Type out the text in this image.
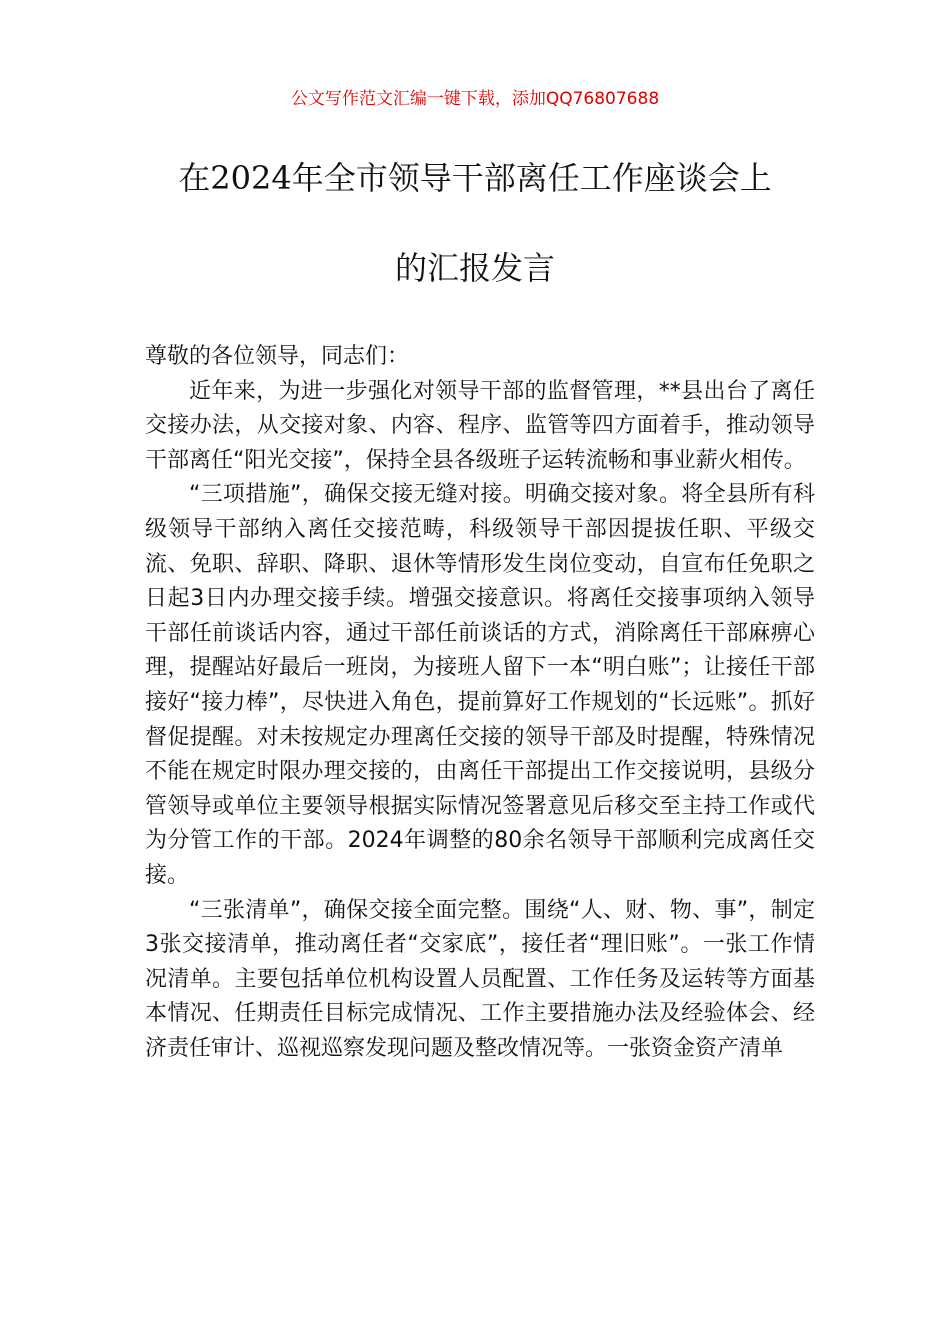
公文写作范文汇编一键下载，添加QQ76807688
在2024年全市领导干部离任工作座谈会上
的汇报发言

尊敬的各位领导，同志们：

近年来，为进一步强化对领导干部的监督管理，**县出台了离任交接办法，从交接对象、内容、程序、监管等四方面着手，推动领导干部离任“阳光交接”，保持全县各级班子运转流畅和事业薪火相传。

“三项措施”，确保交接无缝对接。明确交接对象。将全县所有科级领导干部纳入离任交接范畴，科级领导干部因提拔任职、平级交流、免职、辞职、降职、退休等情形发生岗位变动，自宣布任免职之日起3日内办理交接手续。增强交接意识。将离任交接事项纳入领导干部任前谈话内容，通过干部任前谈话的方式，消除离任干部麻痹心理，提醒站好最后一班岗，为接班人留下一本“明白账”；让接任干部接好“接力棒”，尽快进入角色，提前算好工作规划的“长远账”。抓好督促提醒。对未按规定办理离任交接的领导干部及时提醒，特殊情况不能在规定时限办理交接的，由离任干部提出工作交接说明，县级分管领导或单位主要领导根据实际情况签署意见后移交至主持工作或代为分管工作的干部。2024年调整的80余名领导干部顺利完成离任交接。

“三张清单”，确保交接全面完整。围绕“人、财、物、事”，制定3张交接清单，推动离任者“交家底”，接任者“理旧账”。一张工作情况清单。主要包括单位机构设置人员配置、工作任务及运转等方面基本情况、任期责任目标完成情况、工作主要措施办法及经验体会、经济责任审计、巡视巡察发现问题及整改情况等。一张资金资产清单
